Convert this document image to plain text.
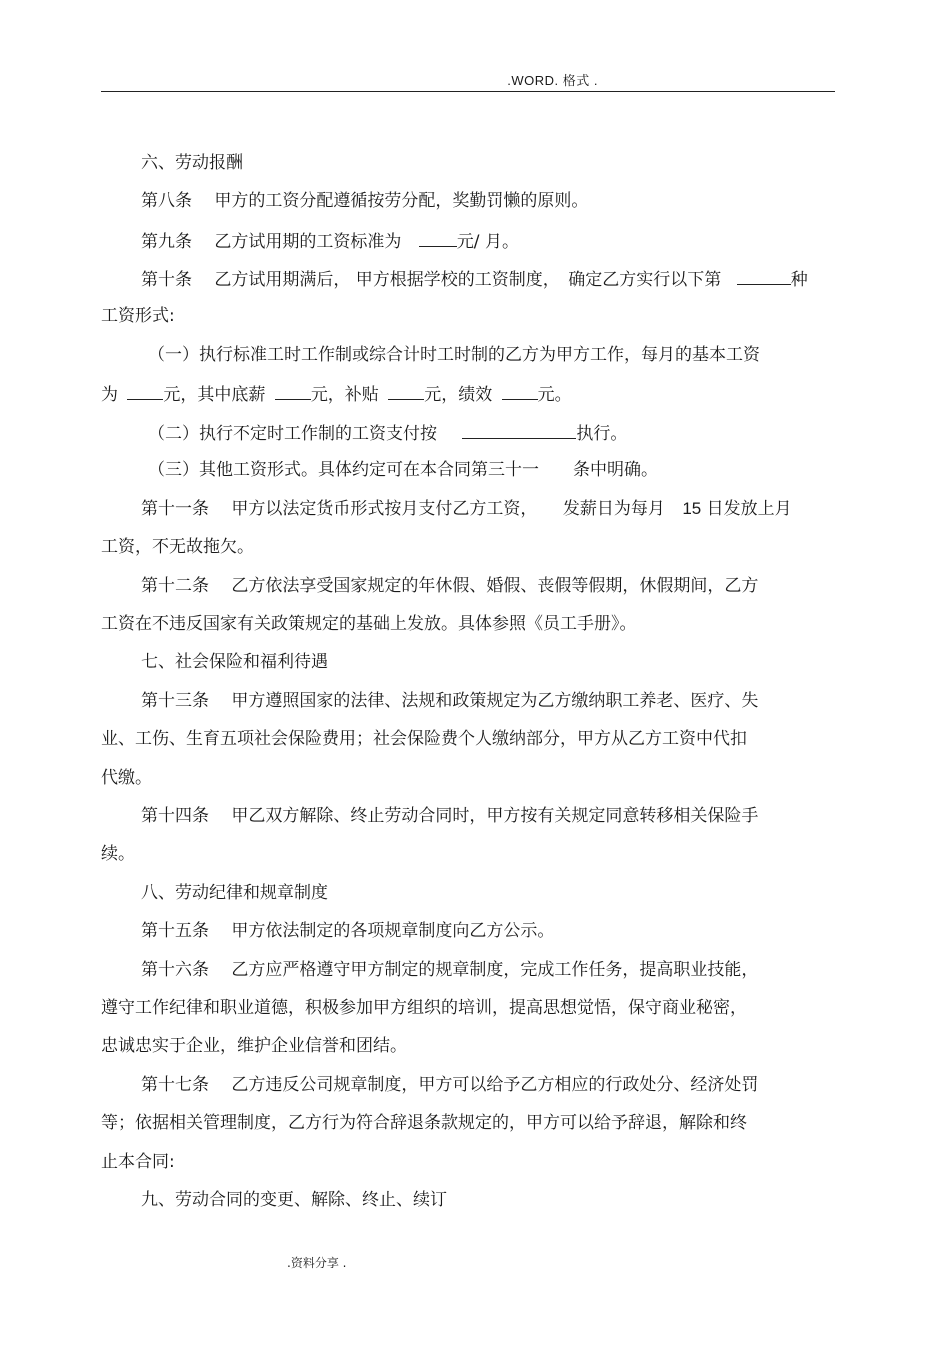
.WORD. 格式 .
六、劳动报酬
第八条　 甲方的工资分配遵循按劳分配，奖勤罚懒的原则。
第九条　 乙方试用期的工资标准为	元/ 月。
第十条　 乙方试用期满后， 甲方根据学校的工资制度，　确定乙方实行以下第	种
工资形式:
（一）执行标准工时工作制或综合计时工时制的乙方为甲方工作，每月的基本工资
为	元，其中底薪	元，补贴	元，绩效	元。
（二）执行不定时工作制的工资支付按	执行。
（三）其他工资形式。具体约定可在本合同第三十一　　条中明确。
第十一条　 甲方以法定货币形式按月支付乙方工资，　　发薪日为每月 15 日发放上月
工资，不无故拖欠。
第十二条　 乙方依法享受国家规定的年休假、婚假、丧假等假期，休假期间，乙方
工资在不违反国家有关政策规定的基础上发放。具体参照《员工手册》。
七、社会保险和福利待遇
第十三条　 甲方遵照国家的法律、法规和政策规定为乙方缴纳职工养老、医疗、失
业、工伤、生育五项社会保险费用；社会保险费个人缴纳部分，甲方从乙方工资中代扣
代缴。
第十四条　 甲乙双方解除、终止劳动合同时，甲方按有关规定同意转移相关保险手
续。
八、劳动纪律和规章制度
第十五条　 甲方依法制定的各项规章制度向乙方公示。
第十六条　 乙方应严格遵守甲方制定的规章制度，完成工作任务，提高职业技能，
遵守工作纪律和职业道德，积极参加甲方组织的培训，提高思想觉悟，保守商业秘密，
忠诚忠实于企业，维护企业信誉和团结。
第十七条　 乙方违反公司规章制度，甲方可以给予乙方相应的行政处分、经济处罚
等；依据相关管理制度，乙方行为符合辞退条款规定的，甲方可以给予辞退，解除和终
止本合同:
九、劳动合同的变更、解除、终止、续订
.资料分享 .
